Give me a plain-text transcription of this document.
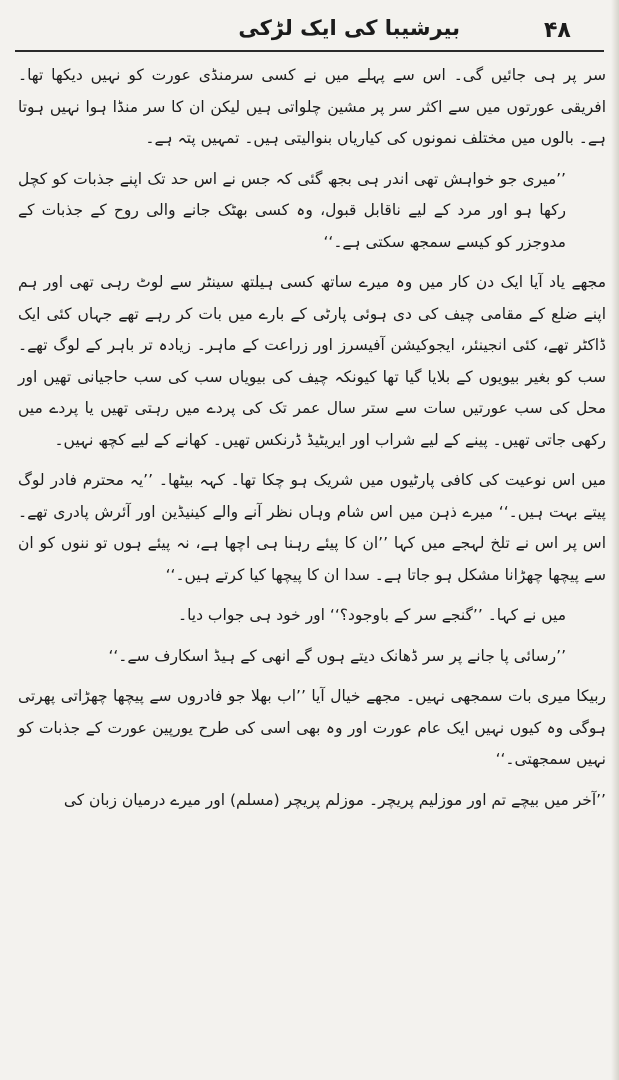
۴۸
بیرشیبا کی ایک لڑکی

سر پر ہی جائیں گی۔ اس سے پہلے میں نے کسی سرمنڈی عورت کو نہیں دیکھا تھا۔ افریقی عورتوں میں سے اکثر سر پر مشین چلواتی ہیں لیکن ان کا سر منڈا ہوا نہیں ہوتا ہے۔ بالوں میں مختلف نمونوں کی کیاریاں بنوالیتی ہیں۔ تمہیں پتہ ہے۔

’’میری جو خواہش تھی اندر ہی بجھ گئی کہ جس نے اس حد تک اپنے جذبات کو کچل رکھا ہو اور مرد کے لیے ناقابل قبول، وہ کسی بھٹک جانے والی روح کے جذبات کے مدوجزر کو کیسے سمجھ سکتی ہے۔‘‘

مجھے یاد آیا ایک دن کار میں وہ میرے ساتھ کسی ہیلتھ سینٹر سے لوٹ رہی تھی اور ہم اپنے ضلع کے مقامی چیف کی دی ہوئی پارٹی کے بارے میں بات کر رہے تھے جہاں کئی ایک ڈاکٹر تھے، کئی انجینئر، ایجوکیشن آفیسرز اور زراعت کے ماہر۔ زیادہ تر باہر کے لوگ تھے۔ سب کو بغیر بیویوں کے بلایا گیا تھا کیونکہ چیف کی بیویاں سب کی سب حاجیانی تھیں اور محل کی سب عورتیں سات سے ستر سال عمر تک کی پردے میں رہتی تھیں یا پردے میں رکھی جاتی تھیں۔ پینے کے لیے شراب اور ایریٹیڈ ڈرنکس تھیں۔ کھانے کے لیے کچھ نہیں۔

میں اس نوعیت کی کافی پارٹیوں میں شریک ہو چکا تھا۔ کہہ بیٹھا۔ ’’یہ محترم فادر لوگ پیتے بہت ہیں۔‘‘ میرے ذہن میں اس شام وہاں نظر آنے والے کینیڈین اور آئرش پادری تھے۔ اس پر اس نے تلخ لہجے میں کہا ’’ان کا پیئے رہنا ہی اچھا ہے، نہ پیئے ہوں تو ننوں کو ان سے پیچھا چھڑانا مشکل ہو جاتا ہے۔ سدا ان کا پیچھا کیا کرتے ہیں۔‘‘

میں نے کہا۔ ’’گنجے سر کے باوجود؟‘‘ اور خود ہی جواب دیا۔

’’رسائی پا جانے پر سر ڈھانک دیتے ہوں گے انھی کے ہیڈ اسکارف سے۔‘‘

ربیکا میری بات سمجھی نہیں۔ مجھے خیال آیا ’’اب بھلا جو فادروں سے پیچھا چھڑاتی پھرتی ہوگی وہ کیوں نہیں ایک عام عورت اور وہ بھی اسی کی طرح یورپین عورت کے جذبات کو نہیں سمجھتی۔‘‘

’’آخر میں بیچے تم اور موزلیم پریچر۔ موزلم پریچر (مسلم) اور میرے درمیان زبان کی
